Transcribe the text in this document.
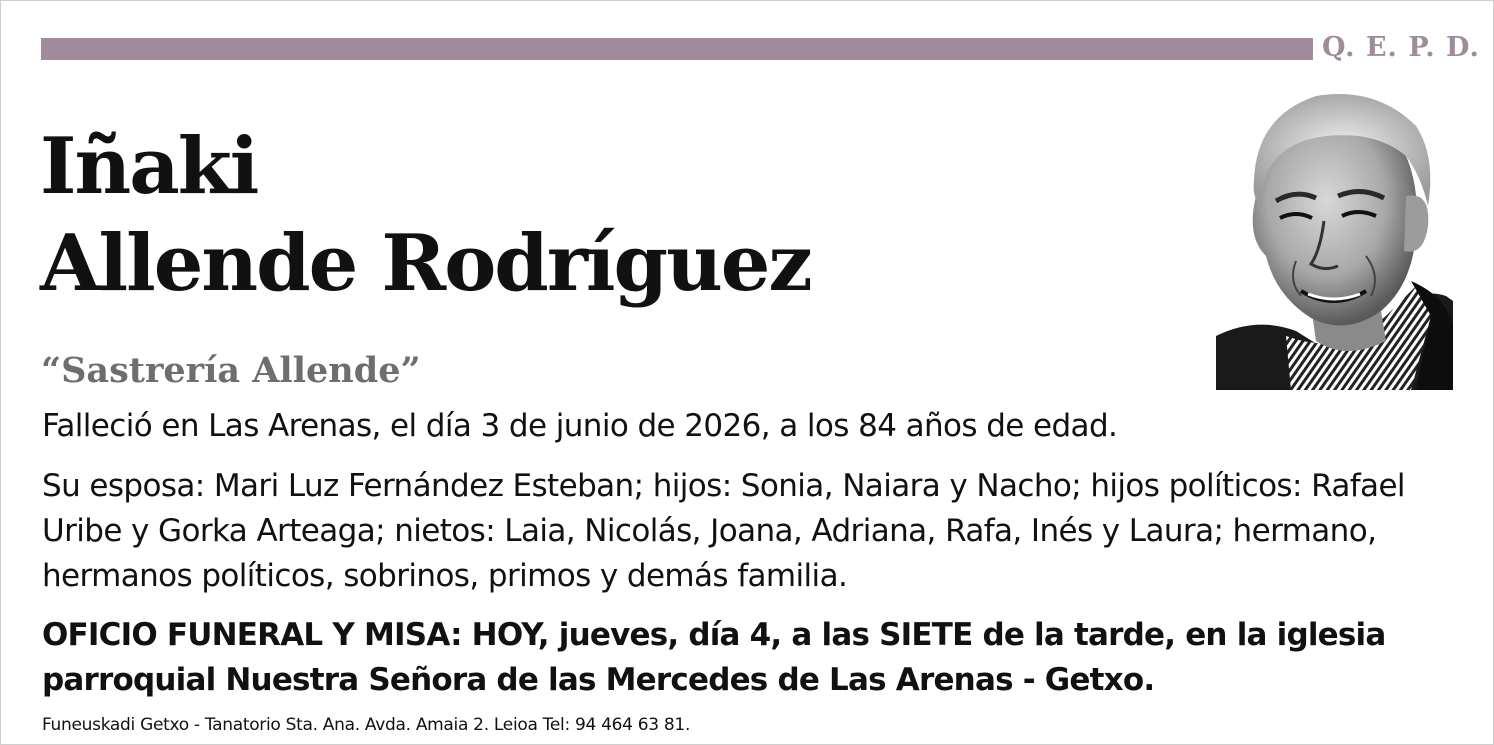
Q. E. P. D.
Iñaki
Allende Rodríguez
“Sastrería Allende”
Falleció en Las Arenas, el día 3 de junio de 2026, a los 84 años de edad.
Su esposa: Mari Luz Fernández Esteban; hijos: Sonia, Naiara y Nacho; hijos políticos: Rafael Uribe y Gorka Arteaga; nietos: Laia, Nicolás, Joana, Adriana, Rafa, Inés y Laura; hermano, hermanos políticos, sobrinos, primos y demás familia.
OFICIO FUNERAL Y MISA: HOY, jueves, día 4, a las SIETE de la tarde, en la iglesia parroquial Nuestra Señora de las Mercedes de Las Arenas - Getxo.
Funeuskadi Getxo - Tanatorio Sta. Ana. Avda. Amaia 2. Leioa Tel: 94 464 63 81.
